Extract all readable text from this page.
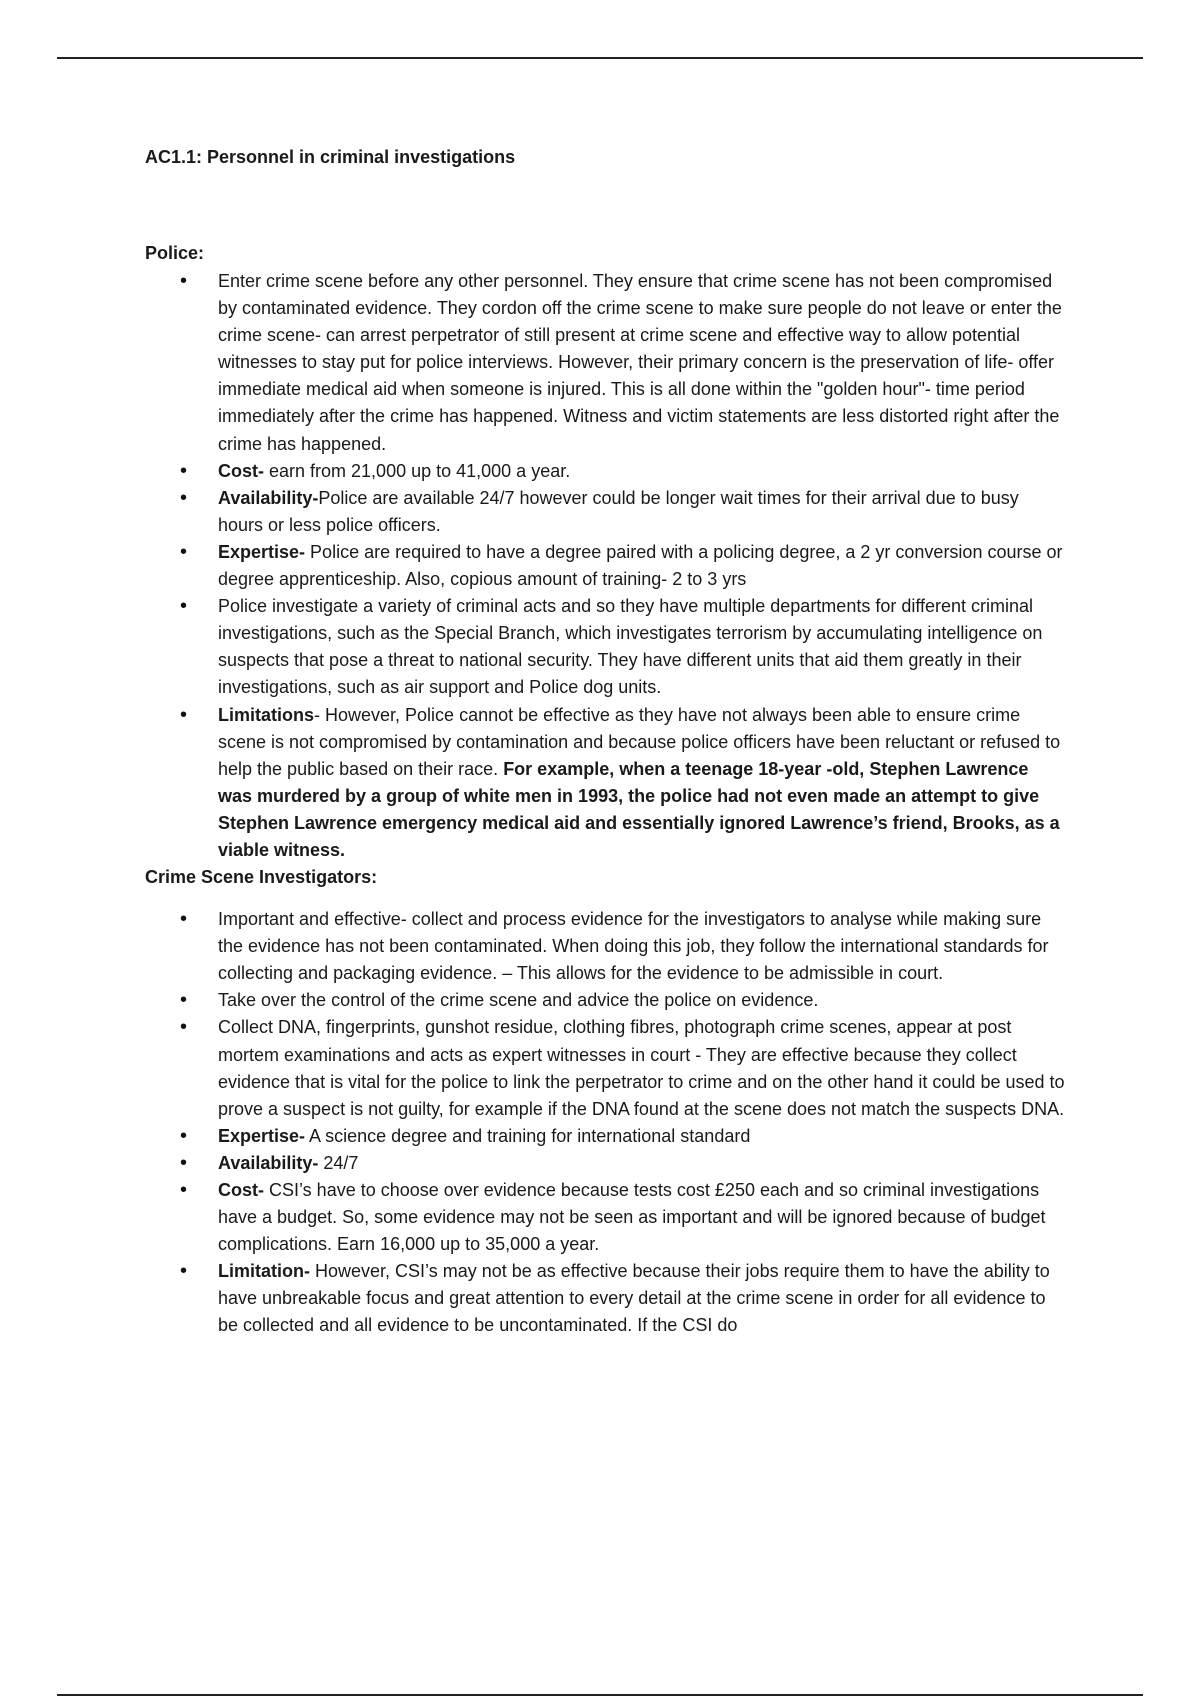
AC1.1: Personnel in criminal investigations

Police:

• Enter crime scene before any other personnel. They ensure that crime scene has not been compromised by contaminated evidence. They cordon off the crime scene to make sure people do not leave or enter the crime scene- can arrest perpetrator of still present at crime scene and effective way to allow potential witnesses to stay put for police interviews. However, their primary concern is the preservation of life- offer immediate medical aid when someone is injured. This is all done within the "golden hour"- time period immediately after the crime has happened. Witness and victim statements are less distorted right after the crime has happened.
• Cost- earn from 21,000 up to 41,000 a year.
• Availability-Police are available 24/7 however could be longer wait times for their arrival due to busy hours or less police officers.
• Expertise- Police are required to have a degree paired with a policing degree, a 2 yr conversion course or degree apprenticeship. Also, copious amount of training- 2 to 3 yrs
• Police investigate a variety of criminal acts and so they have multiple departments for different criminal investigations, such as the Special Branch, which investigates terrorism by accumulating intelligence on suspects that pose a threat to national security. They have different units that aid them greatly in their investigations, such as air support and Police dog units.
• Limitations- However, Police cannot be effective as they have not always been able to ensure crime scene is not compromised by contamination and because police officers have been reluctant or refused to help the public based on their race. For example, when a teenage 18-year -old, Stephen Lawrence was murdered by a group of white men in 1993, the police had not even made an attempt to give Stephen Lawrence emergency medical aid and essentially ignored Lawrence’s friend, Brooks, as a viable witness.

Crime Scene Investigators:

• Important and effective- collect and process evidence for the investigators to analyse while making sure the evidence has not been contaminated. When doing this job, they follow the international standards for collecting and packaging evidence. – This allows for the evidence to be admissible in court.
• Take over the control of the crime scene and advice the police on evidence.
• Collect DNA, fingerprints, gunshot residue, clothing fibres, photograph crime scenes, appear at post mortem examinations and acts as expert witnesses in court - They are effective because they collect evidence that is vital for the police to link the perpetrator to crime and on the other hand it could be used to prove a suspect is not guilty, for example if the DNA found at the scene does not match the suspects DNA.
• Expertise- A science degree and training for international standard
• Availability- 24/7
• Cost- CSI’s have to choose over evidence because tests cost £250 each and so criminal investigations have a budget. So, some evidence may not be seen as important and will be ignored because of budget complications. Earn 16,000 up to 35,000 a year.
• Limitation- However, CSI’s may not be as effective because their jobs require them to have the ability to have unbreakable focus and great attention to every detail at the crime scene in order for all evidence to be collected and all evidence to be uncontaminated. If the CSI do
